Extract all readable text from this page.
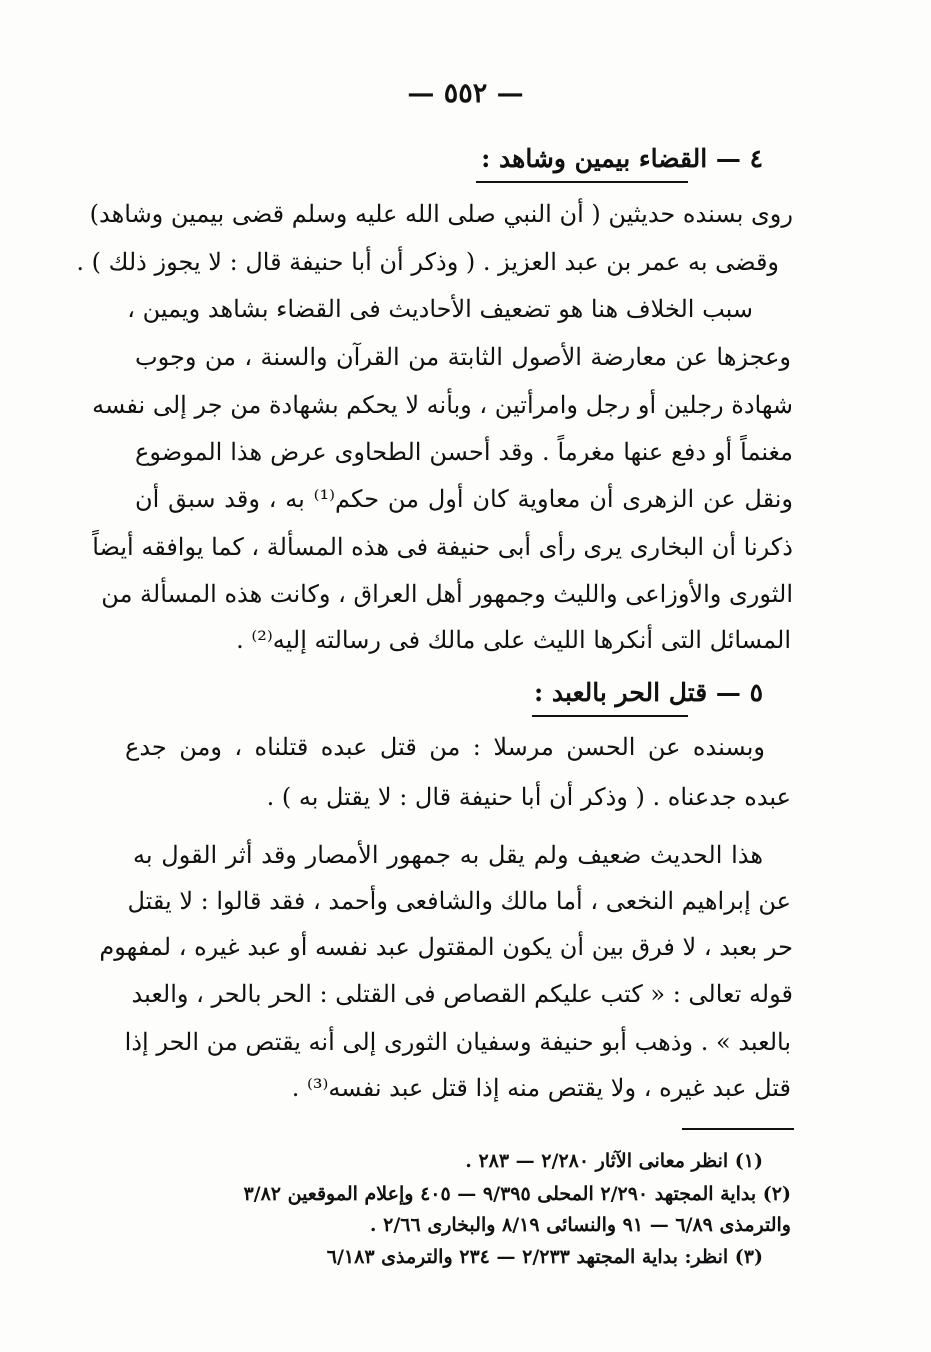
— ٥٥٢ —
٤ — القضاء بيمين وشاهد :
روى بسنده حديثين ( أن النبي صلى الله عليه وسلم قضى بيمين وشاهد)
وقضى به عمر بن عبد العزيز . ( وذكر أن أبا حنيفة قال : لا يجوز ذلك ) .
سبب الخلاف هنا هو تضعيف الأحاديث فى القضاء بشاهد ويمين ،
وعجزها عن معارضة الأصول الثابتة من القرآن والسنة ، من وجوب
شهادة رجلين أو رجل وامرأتين ، وبأنه لا يحكم بشهادة من جر إلى نفسه
مغنماً أو دفع عنها مغرماً . وقد أحسن الطحاوى عرض هذا الموضوع
ونقل عن الزهرى أن معاوية كان أول من حكم⁽¹⁾ به ، وقد سبق أن
ذكرنا أن البخارى يرى رأى أبى حنيفة فى هذه المسألة ، كما يوافقه أيضاً
الثورى والأوزاعى والليث وجمهور أهل العراق ، وكانت هذه المسألة من
المسائل التى أنكرها الليث على مالك فى رسالته إليه⁽²⁾ .
٥ — قتل الحر بالعبد :
وبسنده عن الحسن مرسلا : من قتل عبده قتلناه ، ومن جدع
عبده جدعناه . ( وذكر أن أبا حنيفة قال : لا يقتل به ) .
هذا الحديث ضعيف ولم يقل به جمهور الأمصار وقد أثر القول به
عن إبراهيم النخعى ، أما مالك والشافعى وأحمد ، فقد قالوا : لا يقتل
حر بعبد ، لا فرق بين أن يكون المقتول عبد نفسه أو عبد غيره ، لمفهوم
قوله تعالى : « كتب عليكم القصاص فى القتلى : الحر بالحر ، والعبد
بالعبد » . وذهب أبو حنيفة وسفيان الثورى إلى أنه يقتص من الحر إذا
قتل عبد غيره ، ولا يقتص منه إذا قتل عبد نفسه⁽³⁾ .
(١) انظر معانى الآثار ٢/٢٨٠ — ٢٨٣ .
(٢) بداية المجتهد ٢/٢٩٠ المحلى ٩/٣٩٥ — ٤٠٥ وإعلام الموقعين ٣/٨٢
والترمذى ٦/٨٩ — ٩١ والنسائى ٨/١٩ والبخارى ٢/٦٦ .
(٣) انظر: بداية المجتهد ٢/٢٣٣ — ٢٣٤ والترمذى ٦/١٨٣
